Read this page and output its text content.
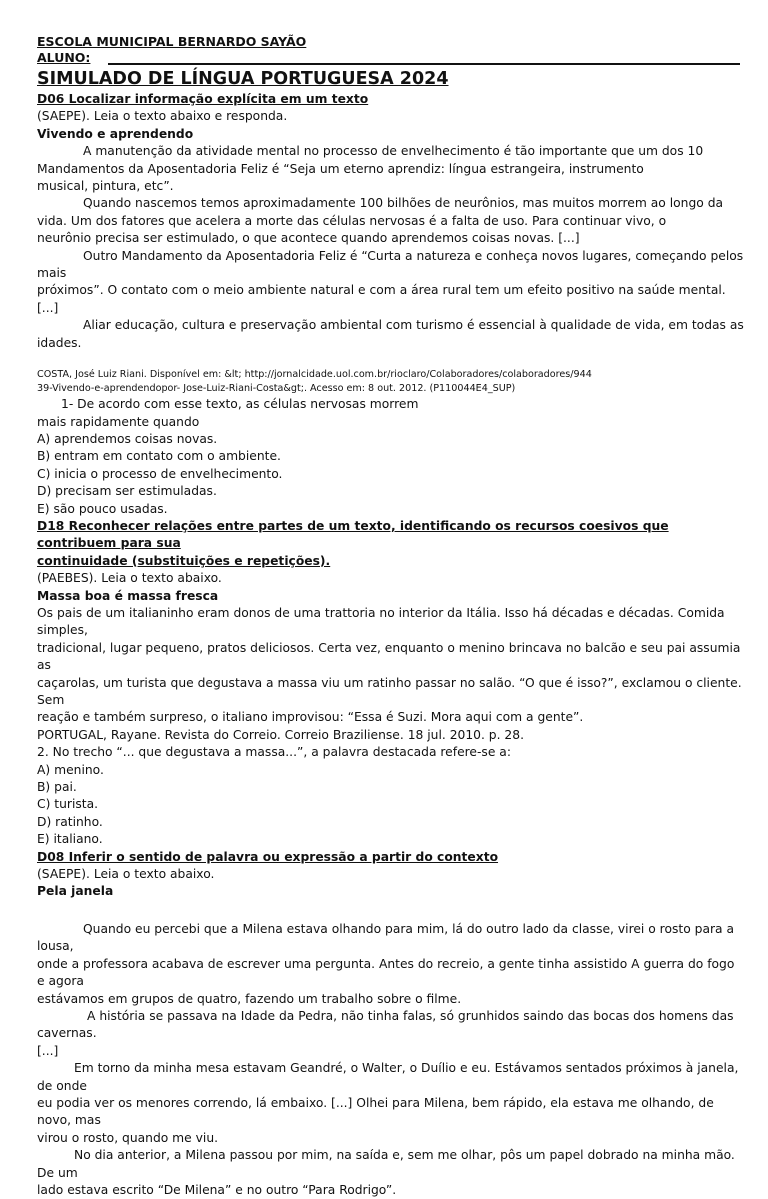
ESCOLA MUNICIPAL BERNARDO SAYÃO
ALUNO:
SIMULADO DE LÍNGUA PORTUGUESA 2024
D06 Localizar informação explícita em um texto
(SAEPE). Leia o texto abaixo e responda.
Vivendo e aprendendo
A manutenção da atividade mental no processo de envelhecimento é tão importante que um dos 10
Mandamentos da Aposentadoria Feliz é “Seja um eterno aprendiz: língua estrangeira, instrumento
musical, pintura, etc”.
Quando nascemos temos aproximadamente 100 bilhões de neurônios, mas muitos morrem ao longo da
vida. Um dos fatores que acelera a morte das células nervosas é a falta de uso. Para continuar vivo, o
neurônio precisa ser estimulado, o que acontece quando aprendemos coisas novas. [...]
Outro Mandamento da Aposentadoria Feliz é “Curta a natureza e conheça novos lugares, começando pelos mais
próximos”. O contato com o meio ambiente natural e com a área rural tem um efeito positivo na saúde mental. [...]
Aliar educação, cultura e preservação ambiental com turismo é essencial à qualidade de vida, em todas as idades.
COSTA, José Luiz Riani. Disponível em: &lt; http://jornalcidade.uol.com.br/rioclaro/Colaboradores/colaboradores/944
39-Vivendo-e-aprendendopor- Jose-Luiz-Riani-Costa&gt;. Acesso em: 8 out. 2012. (P110044E4_SUP)
1- De acordo com esse texto, as células nervosas morrem
mais rapidamente quando
A) aprendemos coisas novas.
B) entram em contato com o ambiente.
C) inicia o processo de envelhecimento.
D) precisam ser estimuladas.
E) são pouco usadas.
D18 Reconhecer relações entre partes de um texto, identificando os recursos coesivos que contribuem para sua
continuidade (substituições e repetições).
(PAEBES). Leia o texto abaixo.
Massa boa é massa fresca
Os pais de um italianinho eram donos de uma trattoria no interior da Itália. Isso há décadas e décadas. Comida simples,
tradicional, lugar pequeno, pratos deliciosos. Certa vez, enquanto o menino brincava no balcão e seu pai assumia as
caçarolas, um turista que degustava a massa viu um ratinho passar no salão. “O que é isso?”, exclamou o cliente. Sem
reação e também surpreso, o italiano improvisou: “Essa é Suzi. Mora aqui com a gente”.
PORTUGAL, Rayane. Revista do Correio. Correio Braziliense. 18 jul. 2010. p. 28.
2. No trecho “... que degustava a massa...”, a palavra destacada refere-se a:
A) menino.
B) pai.
C) turista.
D) ratinho.
E) italiano.
D08 Inferir o sentido de palavra ou expressão a partir do contexto
(SAEPE). Leia o texto abaixo.
Pela janela
Quando eu percebi que a Milena estava olhando para mim, lá do outro lado da classe, virei o rosto para a lousa,
onde a professora acabava de escrever uma pergunta. Antes do recreio, a gente tinha assistido A guerra do fogo e agora
estávamos em grupos de quatro, fazendo um trabalho sobre o filme.
A história se passava na Idade da Pedra, não tinha falas, só grunhidos saindo das bocas dos homens das cavernas.
[...]
Em torno da minha mesa estavam Geandré, o Walter, o Duílio e eu. Estávamos sentados próximos à janela, de onde
eu podia ver os menores correndo, lá embaixo. [...] Olhei para Milena, bem rápido, ela estava me olhando, de novo, mas
virou o rosto, quando me viu.
No dia anterior, a Milena passou por mim, na saída e, sem me olhar, pôs um papel dobrado na minha mão. De um
lado estava escrito “De Milena” e no outro “Para Rodrigo”.
